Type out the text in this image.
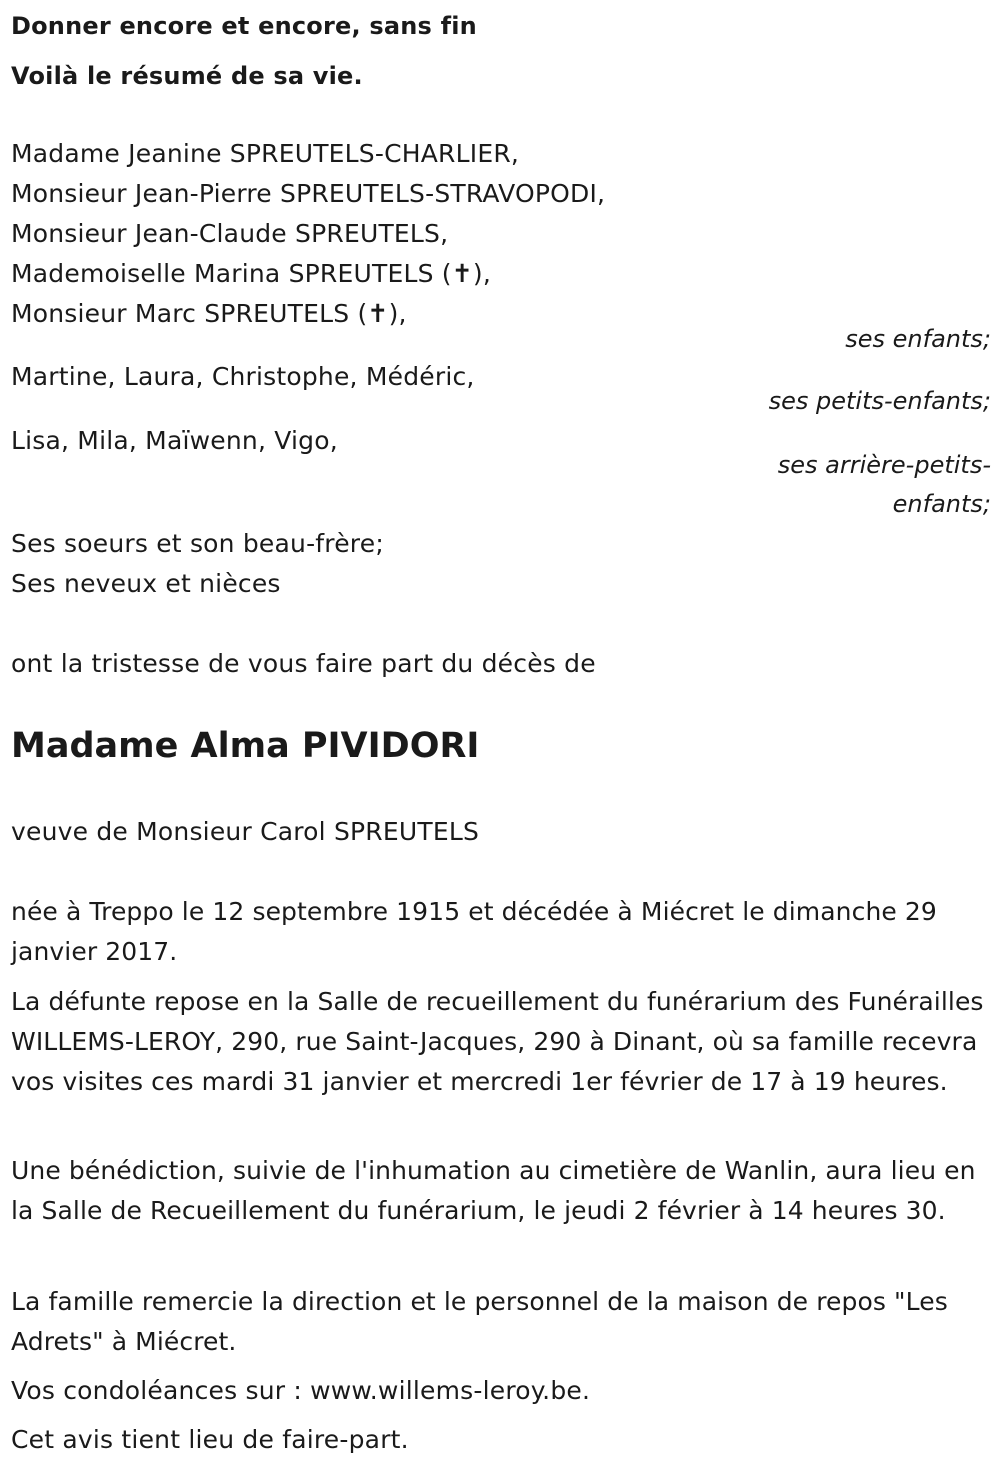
Donner encore et encore, sans fin
Voilà le résumé de sa vie.
Madame Jeanine SPREUTELS-CHARLIER,
Monsieur Jean-Pierre SPREUTELS-STRAVOPODI,
Monsieur Jean-Claude SPREUTELS,
Mademoiselle Marina SPREUTELS (✝),
Monsieur Marc SPREUTELS (✝),
ses enfants;
Martine, Laura, Christophe, Médéric,
ses petits-enfants;
Lisa, Mila, Maïwenn, Vigo,
ses arrière-petits-
enfants;
Ses soeurs et son beau-frère;
Ses neveux et nièces
ont la tristesse de vous faire part du décès de
Madame Alma PIVIDORI
veuve de Monsieur Carol SPREUTELS
née à Treppo le 12 septembre 1915 et décédée à Miécret le dimanche 29 janvier 2017.
La défunte repose en la Salle de recueillement du funérarium des Funérailles WILLEMS-LEROY, 290, rue Saint-Jacques, 290 à Dinant, où sa famille recevra vos visites ces mardi 31 janvier et mercredi 1er février de 17 à 19 heures.
Une bénédiction, suivie de l'inhumation au cimetière de Wanlin, aura lieu en la Salle de Recueillement du funérarium, le jeudi 2 février à 14 heures 30.
La famille remercie la direction et le personnel de la maison de repos "Les Adrets" à Miécret.
Vos condoléances sur : www.willems-leroy.be.
Cet avis tient lieu de faire-part.
